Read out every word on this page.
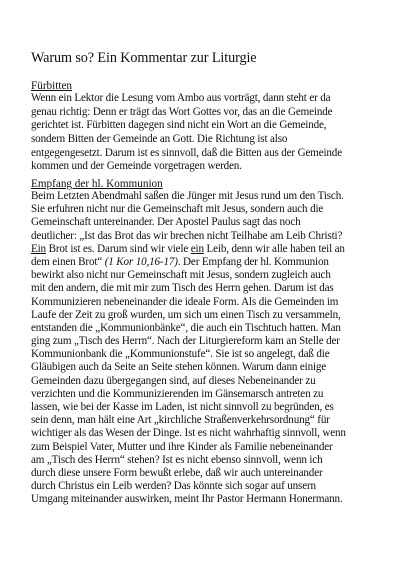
Warum so? Ein Kommentar zur Liturgie
Fürbitten
Wenn ein Lektor die Lesung vom Ambo aus vorträgt, dann steht er da
genau richtig: Denn er trägt das Wort Gottes vor, das an die Gemeinde
gerichtet ist. Fürbitten dagegen sind nicht ein Wort an die Gemeinde,
sondern Bitten der Gemeinde an Gott. Die Richtung ist also
entgegengesetzt. Darum ist es sinnvoll, daß die Bitten aus der Gemeinde
kommen und der Gemeinde vorgetragen werden.
Empfang der hl. Kommunion
Beim Letzten Abendmahl saßen die Jünger mit Jesus rund um den Tisch.
Sie erfuhren nicht nur die Gemeinschaft mit Jesus, sondern auch die
Gemeinschaft untereinander. Der Apostel Paulus sagt das noch
deutlicher: „Ist das Brot das wir brechen nicht Teilhabe am Leib Christi?
Ein Brot ist es. Darum sind wir viele ein Leib, denn wir alle haben teil an
dem einen Brot“ (1 Kor 10,16-17). Der Empfang der hl. Kommunion
bewirkt also nicht nur Gemeinschaft mit Jesus, sondern zugleich auch
mit den andern, die mit mir zum Tisch des Herrn gehen. Darum ist das
Kommunizieren nebeneinander die ideale Form. Als die Gemeinden im
Laufe der Zeit zu groß wurden, um sich um einen Tisch zu versammeln,
entstanden die „Kommunionbänke“, die auch ein Tischtuch hatten. Man
ging zum „Tisch des Herrn“. Nach der Liturgiereform kam an Stelle der
Kommunionbank die „Kommunionstufe“. Sie ist so angelegt, daß die
Gläubigen auch da Seite an Seite stehen können. Warum dann einige
Gemeinden dazu übergegangen sind, auf dieses Nebeneinander zu
verzichten und die Kommunizierenden im Gänsemarsch antreten zu
lassen, wie bei der Kasse im Laden, ist nicht sinnvoll zu begründen, es
sein denn, man hält eine Art „kirchliche Straßenverkehrsordnung“ für
wichtiger als das Wesen der Dinge. Ist es nicht wahrhaftig sinnvoll, wenn
zum Beispiel Vater, Mutter und ihre Kinder als Familie nebeneinander
am „Tisch des Herrn“ stehen? Ist es nicht ebenso sinnvoll, wenn ich
durch diese unsere Form bewußt erlebe, daß wir auch untereinander
durch Christus ein Leib werden? Das könnte sich sogar auf unsern
Umgang miteinander auswirken, meint Ihr Pastor Hermann Honermann.
